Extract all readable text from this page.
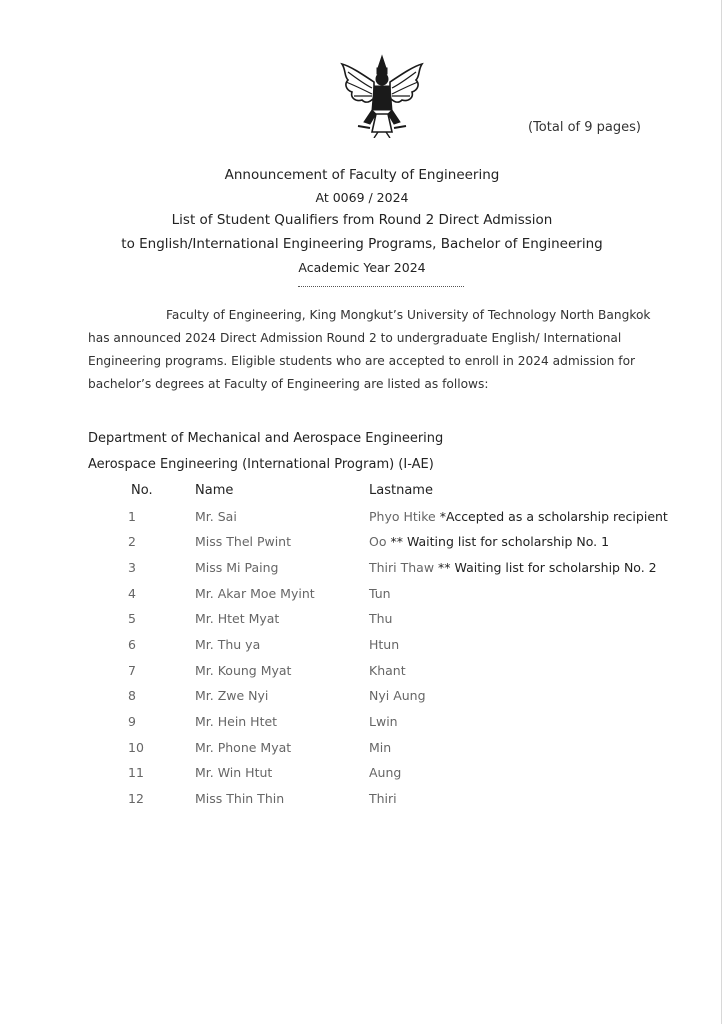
(Total of 9 pages)
Announcement of Faculty of Engineering
At 0069 / 2024
List of Student Qualifiers from Round 2 Direct Admission
to English/International Engineering Programs, Bachelor of Engineering
Academic Year 2024
Faculty of Engineering, King Mongkut’s University of Technology North Bangkok has announced 2024 Direct Admission Round 2 to undergraduate English/ International Engineering programs. Eligible students who are accepted to enroll in 2024 admission for bachelor’s degrees at Faculty of Engineering are listed as follows:
Department of Mechanical and Aerospace Engineering
Aerospace Engineering (International Program) (I-AE)
No.	Name	Lastname
1	Mr. Sai	Phyo Htike *Accepted as a scholarship recipient
2	Miss Thel Pwint	Oo ** Waiting list for scholarship No. 1
3	Miss Mi Paing	Thiri Thaw ** Waiting list for scholarship No. 2
4	Mr. Akar Moe Myint	Tun
5	Mr. Htet Myat	Thu
6	Mr. Thu ya	Htun
7	Mr. Koung Myat	Khant
8	Mr. Zwe Nyi	Nyi Aung
9	Mr. Hein Htet	Lwin
10	Mr. Phone Myat	Min
11	Mr. Win Htut	Aung
12	Miss Thin Thin	Thiri
